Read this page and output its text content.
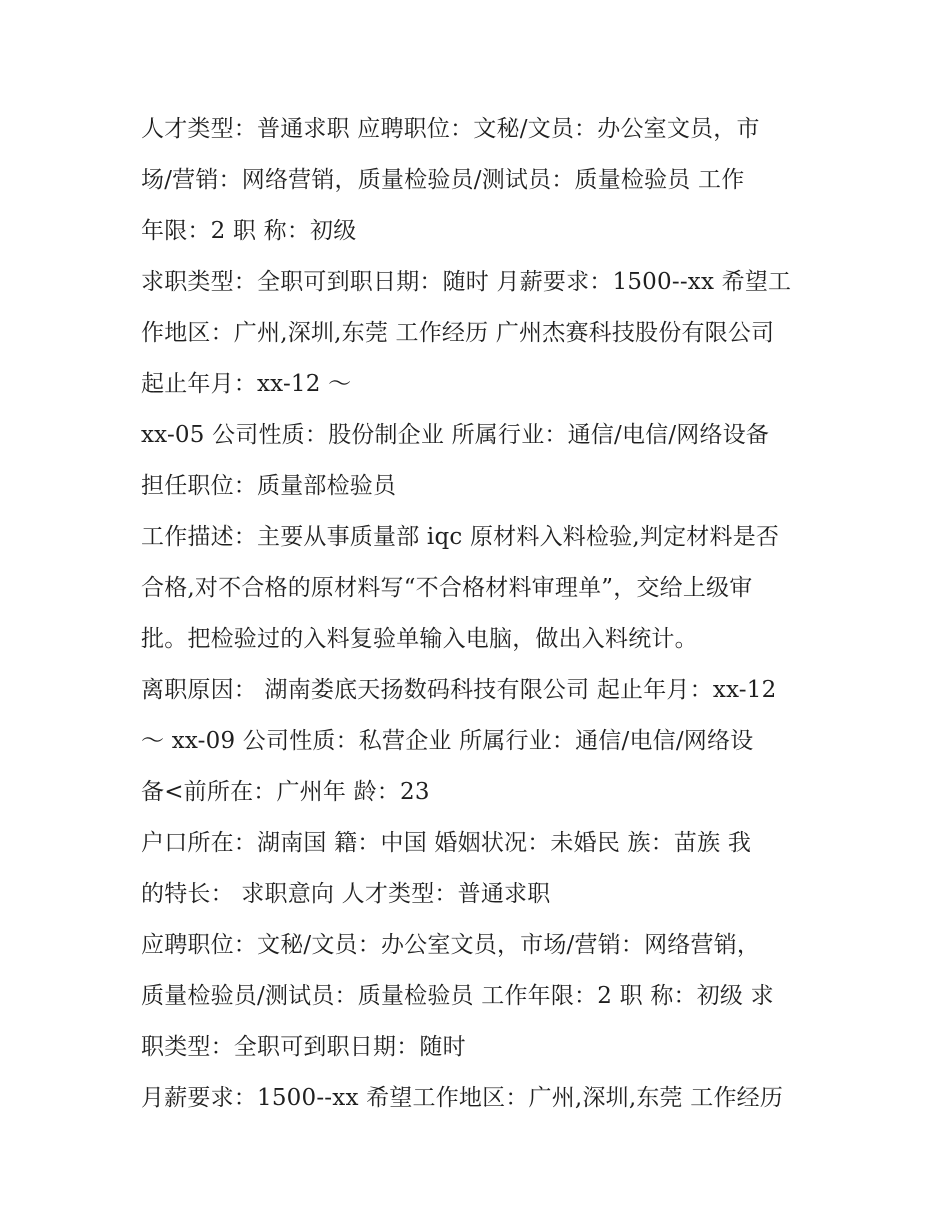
人才类型：普通求职 应聘职位：文秘/文员：办公室文员，市
场/营销：网络营销，质量检验员/测试员：质量检验员 工作
年限：2 职 称：初级
求职类型：全职可到职日期：随时 月薪要求：1500--xx 希望工
作地区：广州,深圳,东莞 工作经历 广州杰赛科技股份有限公司
起止年月：xx-12 ～
xx-05 公司性质：股份制企业 所属行业：通信/电信/网络设备
担任职位：质量部检验员
工作描述：主要从事质量部 iqc 原材料入料检验,判定材料是否
合格,对不合格的原材料写“不合格材料审理单”，交给上级审
批。把检验过的入料复验单输入电脑，做出入料统计。
离职原因： 湖南娄底天扬数码科技有限公司 起止年月：xx-12
～ xx-09 公司性质：私营企业 所属行业：通信/电信/网络设
备<前所在：广州年 龄：23
户口所在：湖南国 籍：中国 婚姻状况：未婚民 族：苗族 我
的特长： 求职意向 人才类型：普通求职
应聘职位：文秘/文员：办公室文员，市场/营销：网络营销，
质量检验员/测试员：质量检验员 工作年限：2 职 称：初级 求
职类型：全职可到职日期：随时
月薪要求：1500--xx 希望工作地区：广州,深圳,东莞 工作经历
